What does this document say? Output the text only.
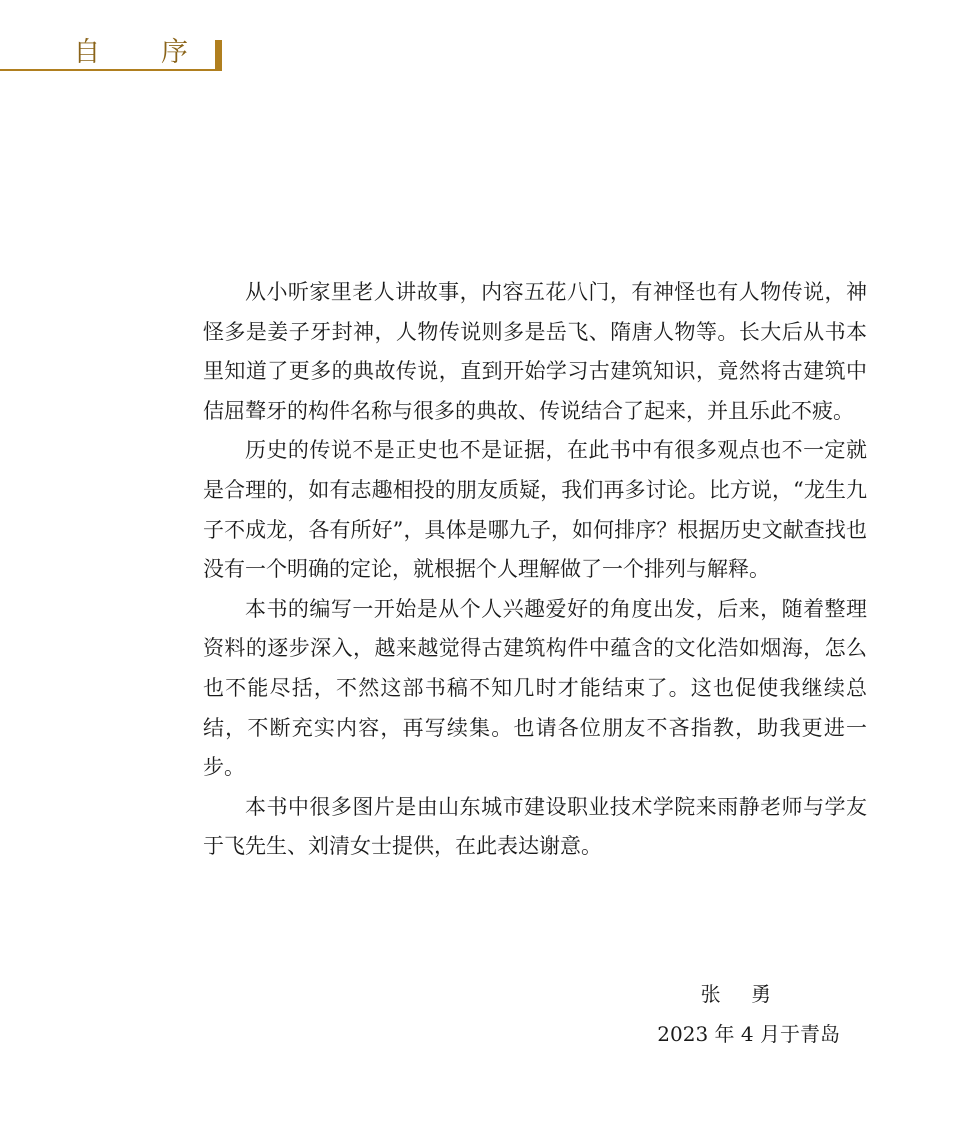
自 序

从小听家里老人讲故事，内容五花八门，有神怪也有人物传说，神怪多是姜子牙封神，人物传说则多是岳飞、隋唐人物等。长大后从书本里知道了更多的典故传说，直到开始学习古建筑知识，竟然将古建筑中佶屈聱牙的构件名称与很多的典故、传说结合了起来，并且乐此不疲。

历史的传说不是正史也不是证据，在此书中有很多观点也不一定就是合理的，如有志趣相投的朋友质疑，我们再多讨论。比方说，“龙生九子不成龙，各有所好”，具体是哪九子，如何排序？根据历史文献查找也没有一个明确的定论，就根据个人理解做了一个排列与解释。

本书的编写一开始是从个人兴趣爱好的角度出发，后来，随着整理资料的逐步深入，越来越觉得古建筑构件中蕴含的文化浩如烟海，怎么也不能尽括，不然这部书稿不知几时才能结束了。这也促使我继续总结，不断充实内容，再写续集。也请各位朋友不吝指教，助我更进一步。

本书中很多图片是由山东城市建设职业技术学院来雨静老师与学友于飞先生、刘清女士提供，在此表达谢意。

张 勇
2023 年 4 月于青岛
